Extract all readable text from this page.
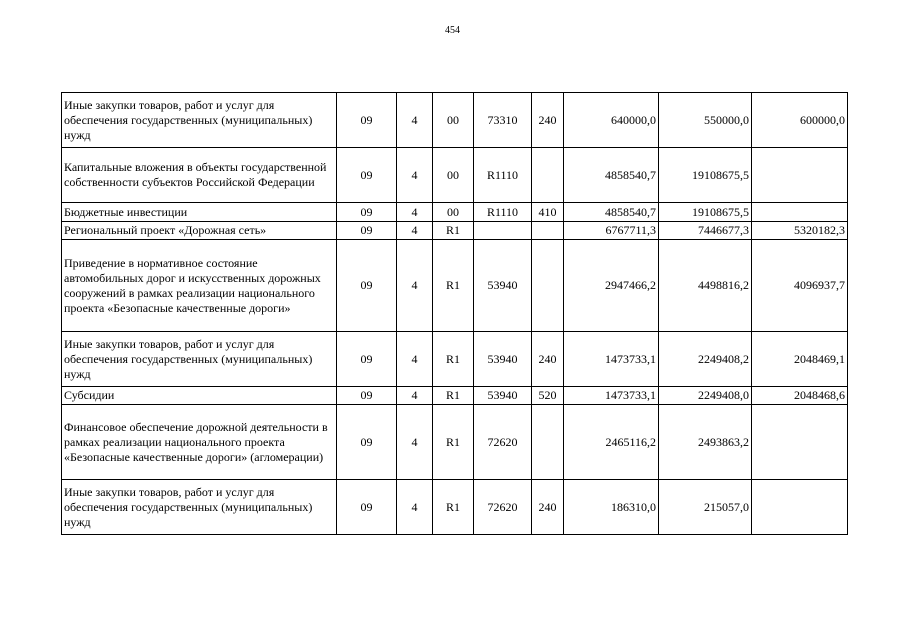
454
Иные закупки товаров, работ и услуг для обеспечения государственных (муниципальных) нужд	09	4	00	73310	240	640000,0	550000,0	600000,0
Капитальные вложения в объекты государственной собственности субъектов Российской Федерации	09	4	00	R1110		4858540,7	19108675,5	
Бюджетные инвестиции	09	4	00	R1110	410	4858540,7	19108675,5	
Региональный проект «Дорожная сеть»	09	4	R1			6767711,3	7446677,3	5320182,3
Приведение в нормативное состояние автомобильных дорог и искусственных дорожных сооружений в рамках реализации национального проекта «Безопасные качественные дороги»	09	4	R1	53940		2947466,2	4498816,2	4096937,7
Иные закупки товаров, работ и услуг для обеспечения государственных (муниципальных) нужд	09	4	R1	53940	240	1473733,1	2249408,2	2048469,1
Субсидии	09	4	R1	53940	520	1473733,1	2249408,0	2048468,6
Финансовое обеспечение дорожной деятельности в рамках реализации национального проекта «Безопасные качественные дороги» (агломерации)	09	4	R1	72620		2465116,2	2493863,2	
Иные закупки товаров, работ и услуг для обеспечения государственных (муниципальных) нужд	09	4	R1	72620	240	186310,0	215057,0	
